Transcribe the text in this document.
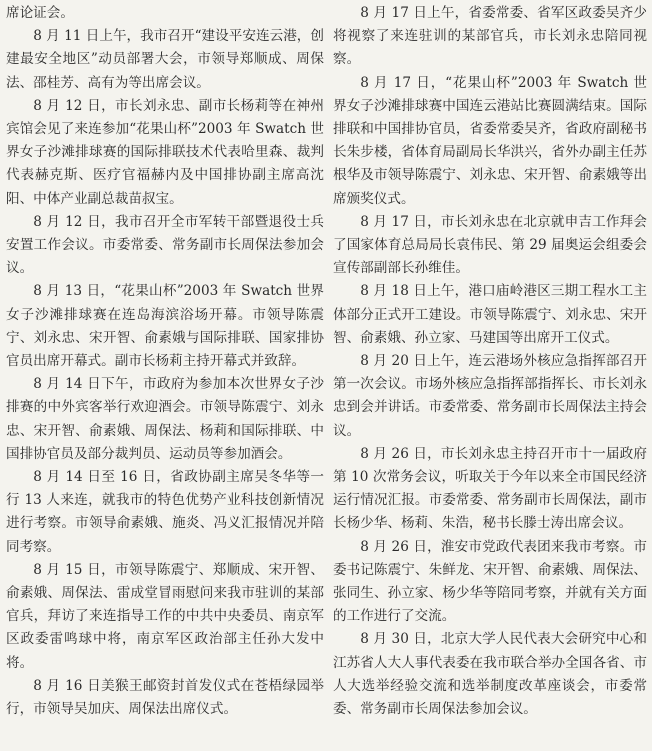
席论证会。

8 月 11 日上午，我市召开“建设平安连云港，创建最安全地区”动员部署大会，市领导郑顺成、周保法、邵桂芳、高有为等出席会议。

8 月 12 日，市长刘永忠、副市长杨莉等在神州宾馆会见了来连参加“花果山杯”2003 年 Swatch 世界女子沙滩排球赛的国际排联技术代表哈里森、裁判代表赫克斯、医疗官福赫内及中国排协副主席高沈阳、中体产业副总裁苗叔宝。

8 月 12 日，我市召开全市军转干部暨退役士兵安置工作会议。市委常委、常务副市长周保法参加会议。

8 月 13 日，“花果山杯”2003 年 Swatch 世界女子沙滩排球赛在连岛海滨浴场开幕。市领导陈震宁、刘永忠、宋开智、俞素娥与国际排联、国家排协官员出席开幕式。副市长杨莉主持开幕式并致辞。

8 月 14 日下午，市政府为参加本次世界女子沙排赛的中外宾客举行欢迎酒会。市领导陈震宁、刘永忠、宋开智、俞素娥、周保法、杨莉和国际排联、中国排协官员及部分裁判员、运动员等参加酒会。

8 月 14 日至 16 日，省政协副主席吴冬华等一行 13 人来连，就我市的特色优势产业科技创新情况进行考察。市领导俞素娥、施炎、冯义汇报情况并陪同考察。

8 月 15 日，市领导陈震宁、郑顺成、宋开智、俞素娥、周保法、雷成堂冒雨慰问来我市驻训的某部官兵，拜访了来连指导工作的中共中央委员、南京军区政委雷鸣球中将，南京军区政治部主任孙大发中将。

8 月 16 日美猴王邮资封首发仪式在苍梧绿园举行，市领导吴加庆、周保法出席仪式。

8 月 17 日上午，省委常委、省军区政委吴齐少将视察了来连驻训的某部官兵，市长刘永忠陪同视察。

8 月 17 日，“花果山杯”2003 年 Swatch 世界女子沙滩排球赛中国连云港站比赛圆满结束。国际排联和中国排协官员，省委常委吴齐，省政府副秘书长朱步楼，省体育局副局长华洪兴，省外办副主任苏根华及市领导陈震宁、刘永忠、宋开智、俞素娥等出席颁奖仪式。

8 月 17 日，市长刘永忠在北京就申吉工作拜会了国家体育总局局长袁伟民、第 29 届奥运会组委会宣传部副部长孙维佳。

8 月 18 日上午，港口庙岭港区三期工程水工主体部分正式开工建设。市领导陈震宁、刘永忠、宋开智、俞素娥、孙立家、马建国等出席开工仪式。

8 月 20 日上午，连云港场外核应急指挥部召开第一次会议。市场外核应急指挥部指挥长、市长刘永忠到会并讲话。市委常委、常务副市长周保法主持会议。

8 月 26 日，市长刘永忠主持召开市十一届政府第 10 次常务会议，听取关于今年以来全市国民经济运行情况汇报。市委常委、常务副市长周保法，副市长杨少华、杨莉、朱浩，秘书长滕士涛出席会议。

8 月 26 日，淮安市党政代表团来我市考察。市委书记陈震宁、朱鲜龙、宋开智、俞素娥、周保法、张同生、孙立家、杨少华等陪同考察，并就有关方面的工作进行了交流。

8 月 30 日，北京大学人民代表大会研究中心和江苏省人大人事代表委在我市联合举办全国各省、市人大选举经验交流和选举制度改革座谈会，市委常委、常务副市长周保法参加会议。
